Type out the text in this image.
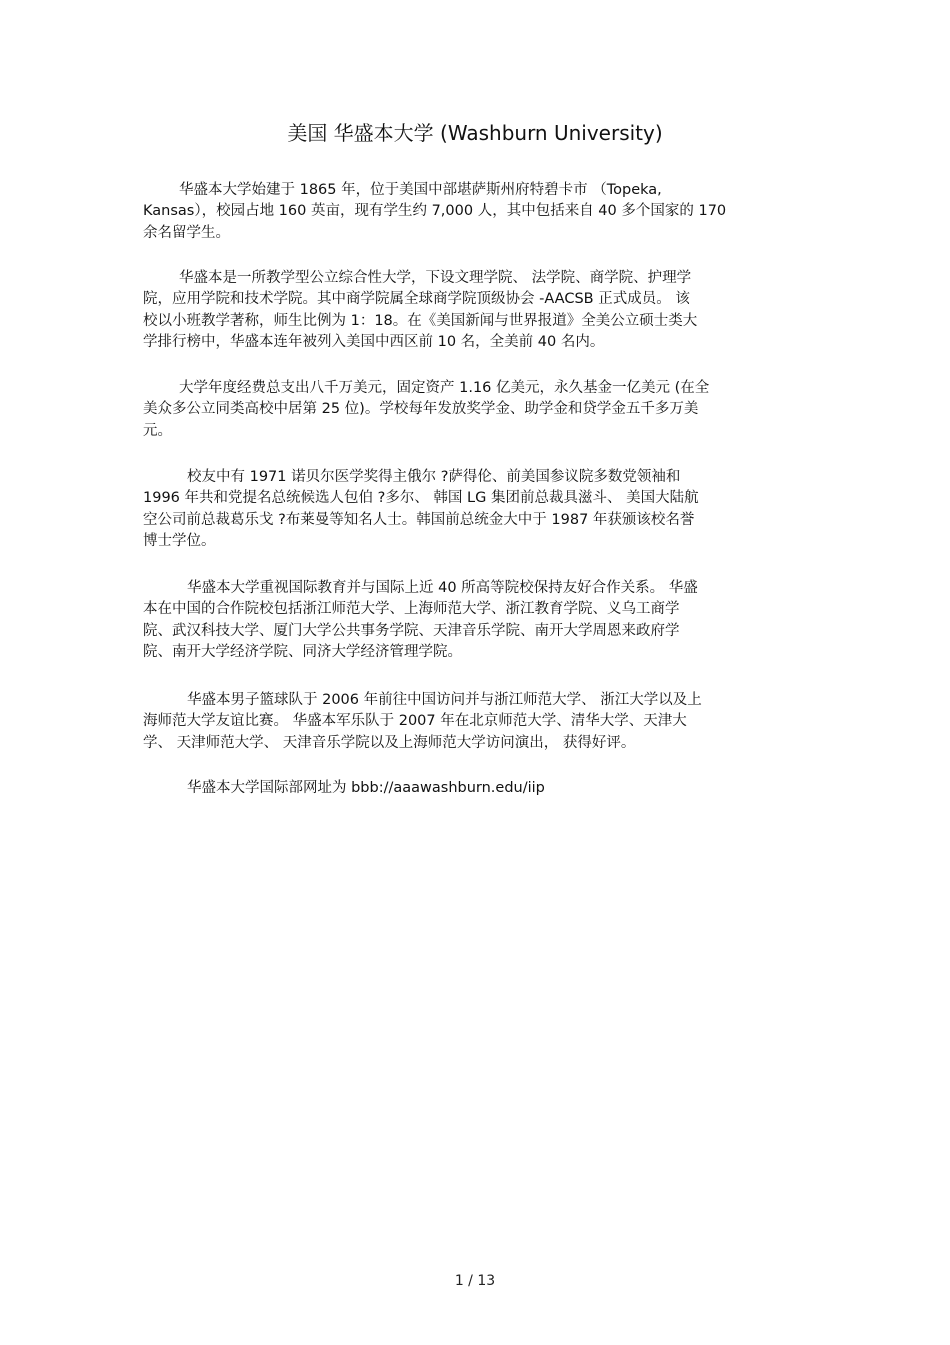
美国 华盛本大学 (Washburn University)
华盛本大学始建于 1865 年，位于美国中部堪萨斯州府特碧卡市 （Topeka,
Kansas），校园占地 160 英亩，现有学生约 7,000 人，其中包括来自 40 多个国家的 170
余名留学生。
华盛本是一所教学型公立综合性大学，下设文理学院、 法学院、商学院、护理学
院，应用学院和技术学院。其中商学院属全球商学院顶级协会 -AACSB 正式成员。 该
校以小班教学著称，师生比例为 1：18。在《美国新闻与世界报道》全美公立硕士类大
学排行榜中，华盛本连年被列入美国中西区前 10 名，全美前 40 名内。
大学年度经费总支出八千万美元，固定资产 1.16 亿美元，永久基金一亿美元 (在全
美众多公立同类高校中居第 25 位)。学校每年发放奖学金、助学金和贷学金五千多万美
元。
校友中有 1971 诺贝尔医学奖得主俄尔 ?萨得伦、前美国参议院多数党领袖和
1996 年共和党提名总统候选人包伯 ?多尔、 韩国 LG 集团前总裁具滋斗、 美国大陆航
空公司前总裁葛乐戈 ?布莱曼等知名人士。韩国前总统金大中于 1987 年获颁该校名誉
博士学位。
华盛本大学重视国际教育并与国际上近 40 所高等院校保持友好合作关系。 华盛
本在中国的合作院校包括浙江师范大学、上海师范大学、浙江教育学院、义乌工商学
院、武汉科技大学、厦门大学公共事务学院、天津音乐学院、南开大学周恩来政府学
院、南开大学经济学院、同济大学经济管理学院。
华盛本男子篮球队于 2006 年前往中国访问并与浙江师范大学、 浙江大学以及上
海师范大学友谊比赛。 华盛本军乐队于 2007 年在北京师范大学、清华大学、天津大
学、 天津师范大学、 天津音乐学院以及上海师范大学访问演出， 获得好评。
华盛本大学国际部网址为 bbb://aaawashburn.edu/iip
1 / 13
